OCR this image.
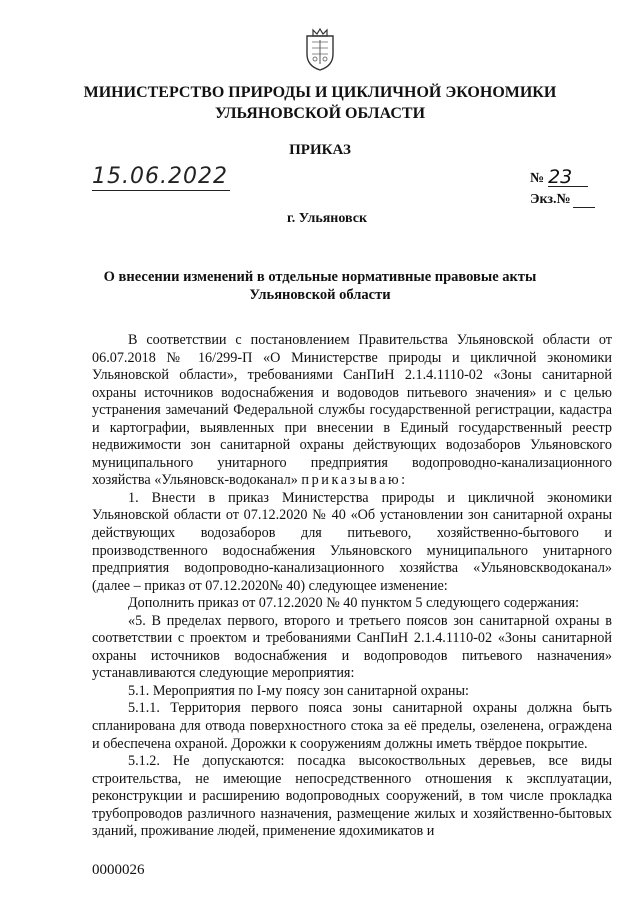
МИНИСТЕРСТВО ПРИРОДЫ И ЦИКЛИЧНОЙ ЭКОНОМИКИ
УЛЬЯНОВСКОЙ ОБЛАСТИ
ПРИКАЗ
15.06.2022	№ 23
Экз.№
г. Ульяновск
О внесении изменений в отдельные нормативные правовые акты
Ульяновской области

В соответствии с постановлением Правительства Ульяновской области от 06.07.2018 № 16/299-П «О Министерстве природы и цикличной экономики Ульяновской области», требованиями СанПиН 2.1.4.1110-02 «Зоны санитарной охраны источников водоснабжения и водоводов питьевого значения» и с целью устранения замечаний Федеральной службы государственной регистрации, кадастра и картографии, выявленных при внесении в Единый государственный реестр недвижимости зон санитарной охраны действующих водозаборов Ульяновского муниципального унитарного предприятия водопроводно-канализационного хозяйства «Ульяновск-водоканал» приказываю:

1. Внести в приказ Министерства природы и цикличной экономики Ульяновской области от 07.12.2020 № 40 «Об установлении зон санитарной охраны действующих водозаборов для питьевого, хозяйственно-бытового и производственного водоснабжения Ульяновского муниципального унитарного предприятия водопроводно-канализационного хозяйства «Ульяновскводоканал» (далее – приказ от 07.12.2020№ 40) следующее изменение:

Дополнить приказ от 07.12.2020 № 40 пунктом 5 следующего содержания:

«5. В пределах первого, второго и третьего поясов зон санитарной охраны в соответствии с проектом и требованиями СанПиН 2.1.4.1110-02 «Зоны санитарной охраны источников водоснабжения и водопроводов питьевого назначения» устанавливаются следующие мероприятия:

5.1. Мероприятия по I-му поясу зон санитарной охраны:

5.1.1. Территория первого пояса зоны санитарной охраны должна быть спланирована для отвода поверхностного стока за её пределы, озеленена, ограждена и обеспечена охраной. Дорожки к сооружениям должны иметь твёрдое покрытие.

5.1.2. Не допускаются: посадка высокоствольных деревьев, все виды строительства, не имеющие непосредственного отношения к эксплуатации, реконструкции и расширению водопроводных сооружений, в том числе прокладка трубопроводов различного назначения, размещение жилых и хозяйственно-бытовых зданий, проживание людей, применение ядохимикатов и

0000026
